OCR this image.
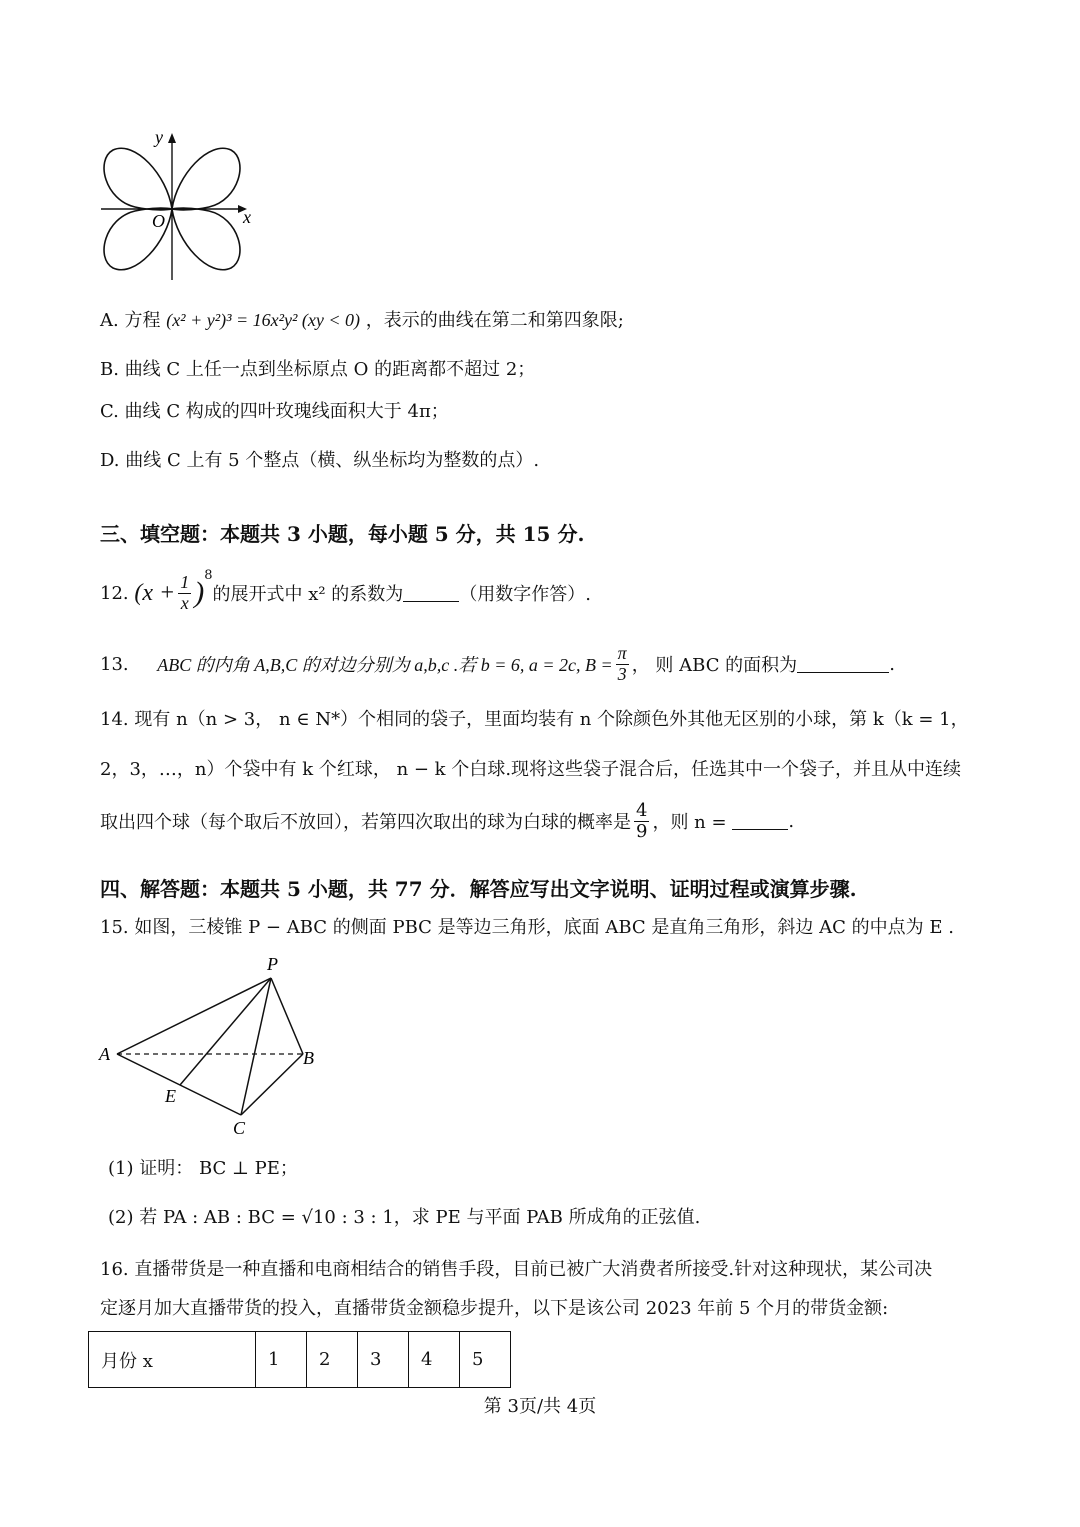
y
x
O
A. 方程 (x² + y²)³ = 16x²y² (xy < 0) ，表示的曲线在第二和第四象限;
B. 曲线 C 上任一点到坐标原点 O 的距离都不超过 2；
C. 曲线 C 构成的四叶玫瑰线面积大于 4π；
D. 曲线 C 上有 5 个整点（横、纵坐标均为整数的点）.
三、填空题：本题共 3 小题，每小题 5 分，共 15 分.
12.
($x + \frac{1}{x}$ )
$^8$
的展开式中 x² 的系数为	（用数字作答）.
13.
ABC 的内角 A,B,C 的对边分别为 a,b,c .若 b = 6, a = 2c, $B = \frac{\pi}{3}$ ， 则 ABC 的面积为	.
14. 现有 n（n > 3， n ∈ N*）个相同的袋子，里面均装有 n 个除颜色外其他无区别的小球，第 k（k = 1，
2，3，…，n）个袋中有 k 个红球， n − k 个白球.现将这些袋子混合后，任选其中一个袋子，并且从中连续
取出四个球（每个取后不放回），若第四次取出的球为白球的概率是 $\frac{4}{9}$ ，则 n =
	.
四、解答题：本题共 5 小题，共 77 分．解答应写出文字说明、证明过程或演算步骤.
15. 如图，三棱锥 P − ABC 的侧面 PBC 是等边三角形，底面 ABC 是直角三角形，斜边 AC 的中点为 E .
P
A	B
E
C
(1) 证明： BC ⊥ PE；
(2) 若 PA : AB : BC = √10 : 3 : 1，求 PE 与平面 PAB 所成角的正弦值.
16. 直播带货是一种直播和电商相结合的销售手段，目前已被广大消费者所接受.针对这种现状，某公司决
定逐月加大直播带货的投入，直播带货金额稳步提升，以下是该公司 2023 年前 5 个月的带货金额:
月份 x	1	2	3	4	5
第 3页/共 4页
